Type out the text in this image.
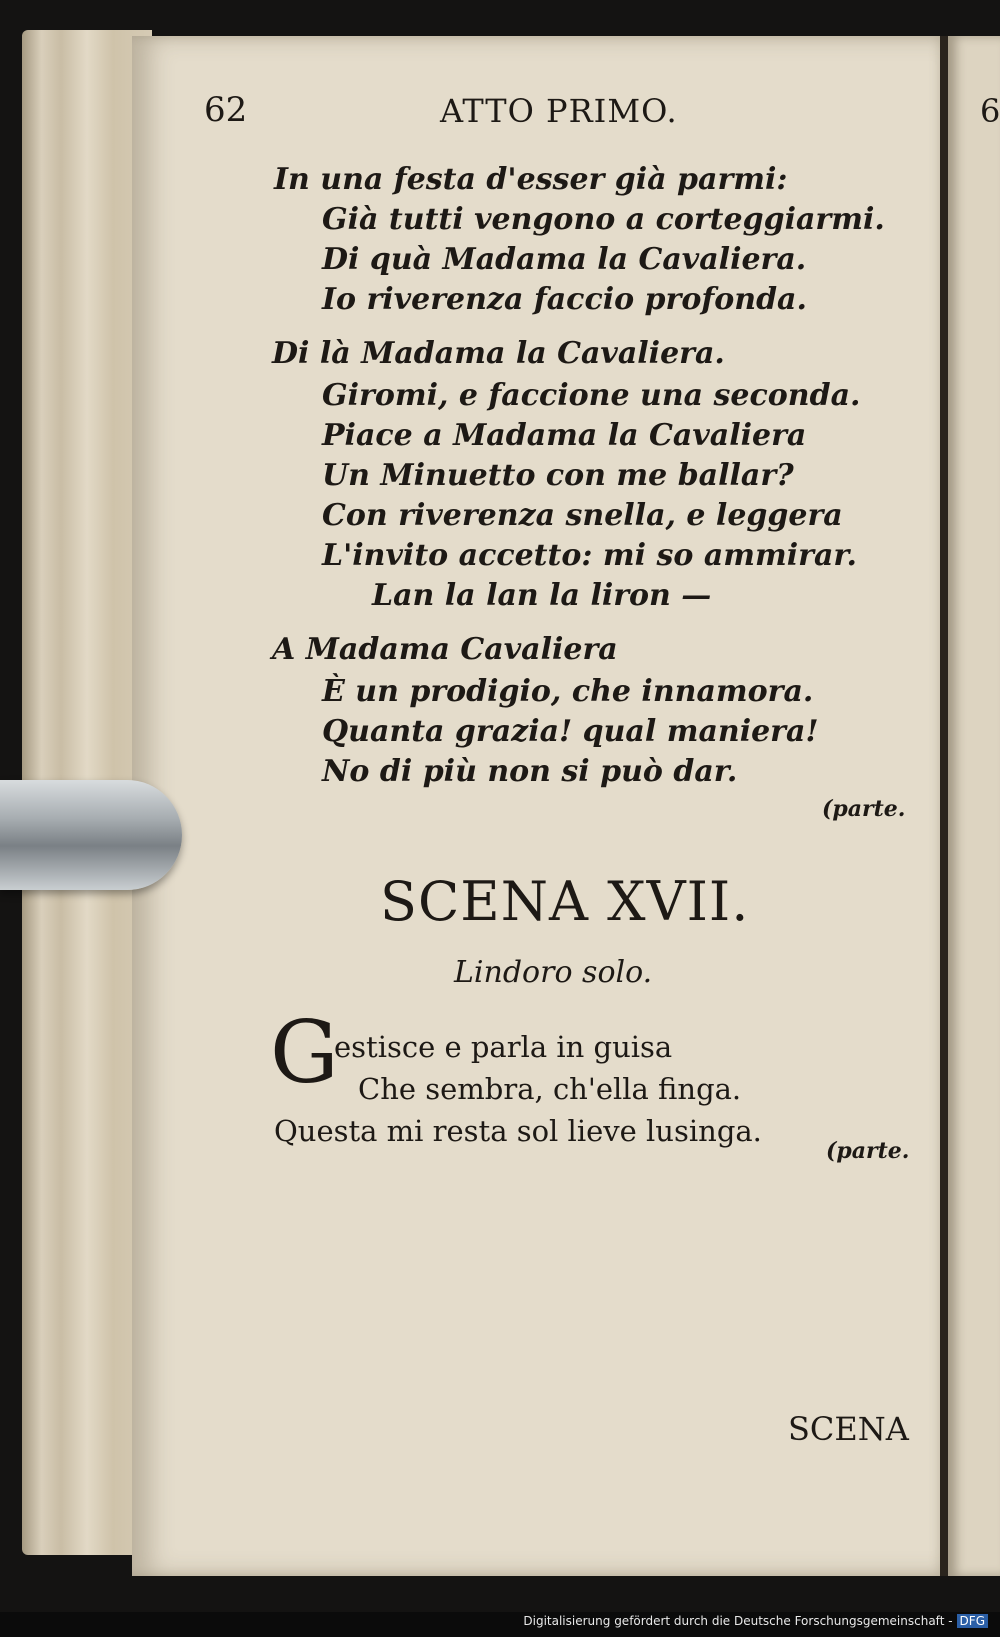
62	ATTO PRIMO.	6
In una festa d'esser già parmi:
Già tutti vengono a corteggiarmi.
Di quà Madama la Cavaliera.
Io riverenza faccio profonda.
Di là Madama la Cavaliera.
Giromi, e faccione una seconda.
Piace a Madama la Cavaliera
Un Minuetto con me ballar?
Con riverenza snella, e leggera
L'invito accetto: mi so ammirar.
Lan la lan la liron —
A Madama Cavaliera
È un prodigio, che innamora.
Quanta grazia! qual maniera!
No di più non si può dar.
(parte.
SCENA XVII.
Lindoro solo.
G
estisce e parla in guisa
Che sembra, ch'ella finga.
Questa mi resta sol lieve lusinga.
(parte.
SCENA
Digitalisierung gefördert durch die Deutsche Forschungsgemeinschaft - DFG
